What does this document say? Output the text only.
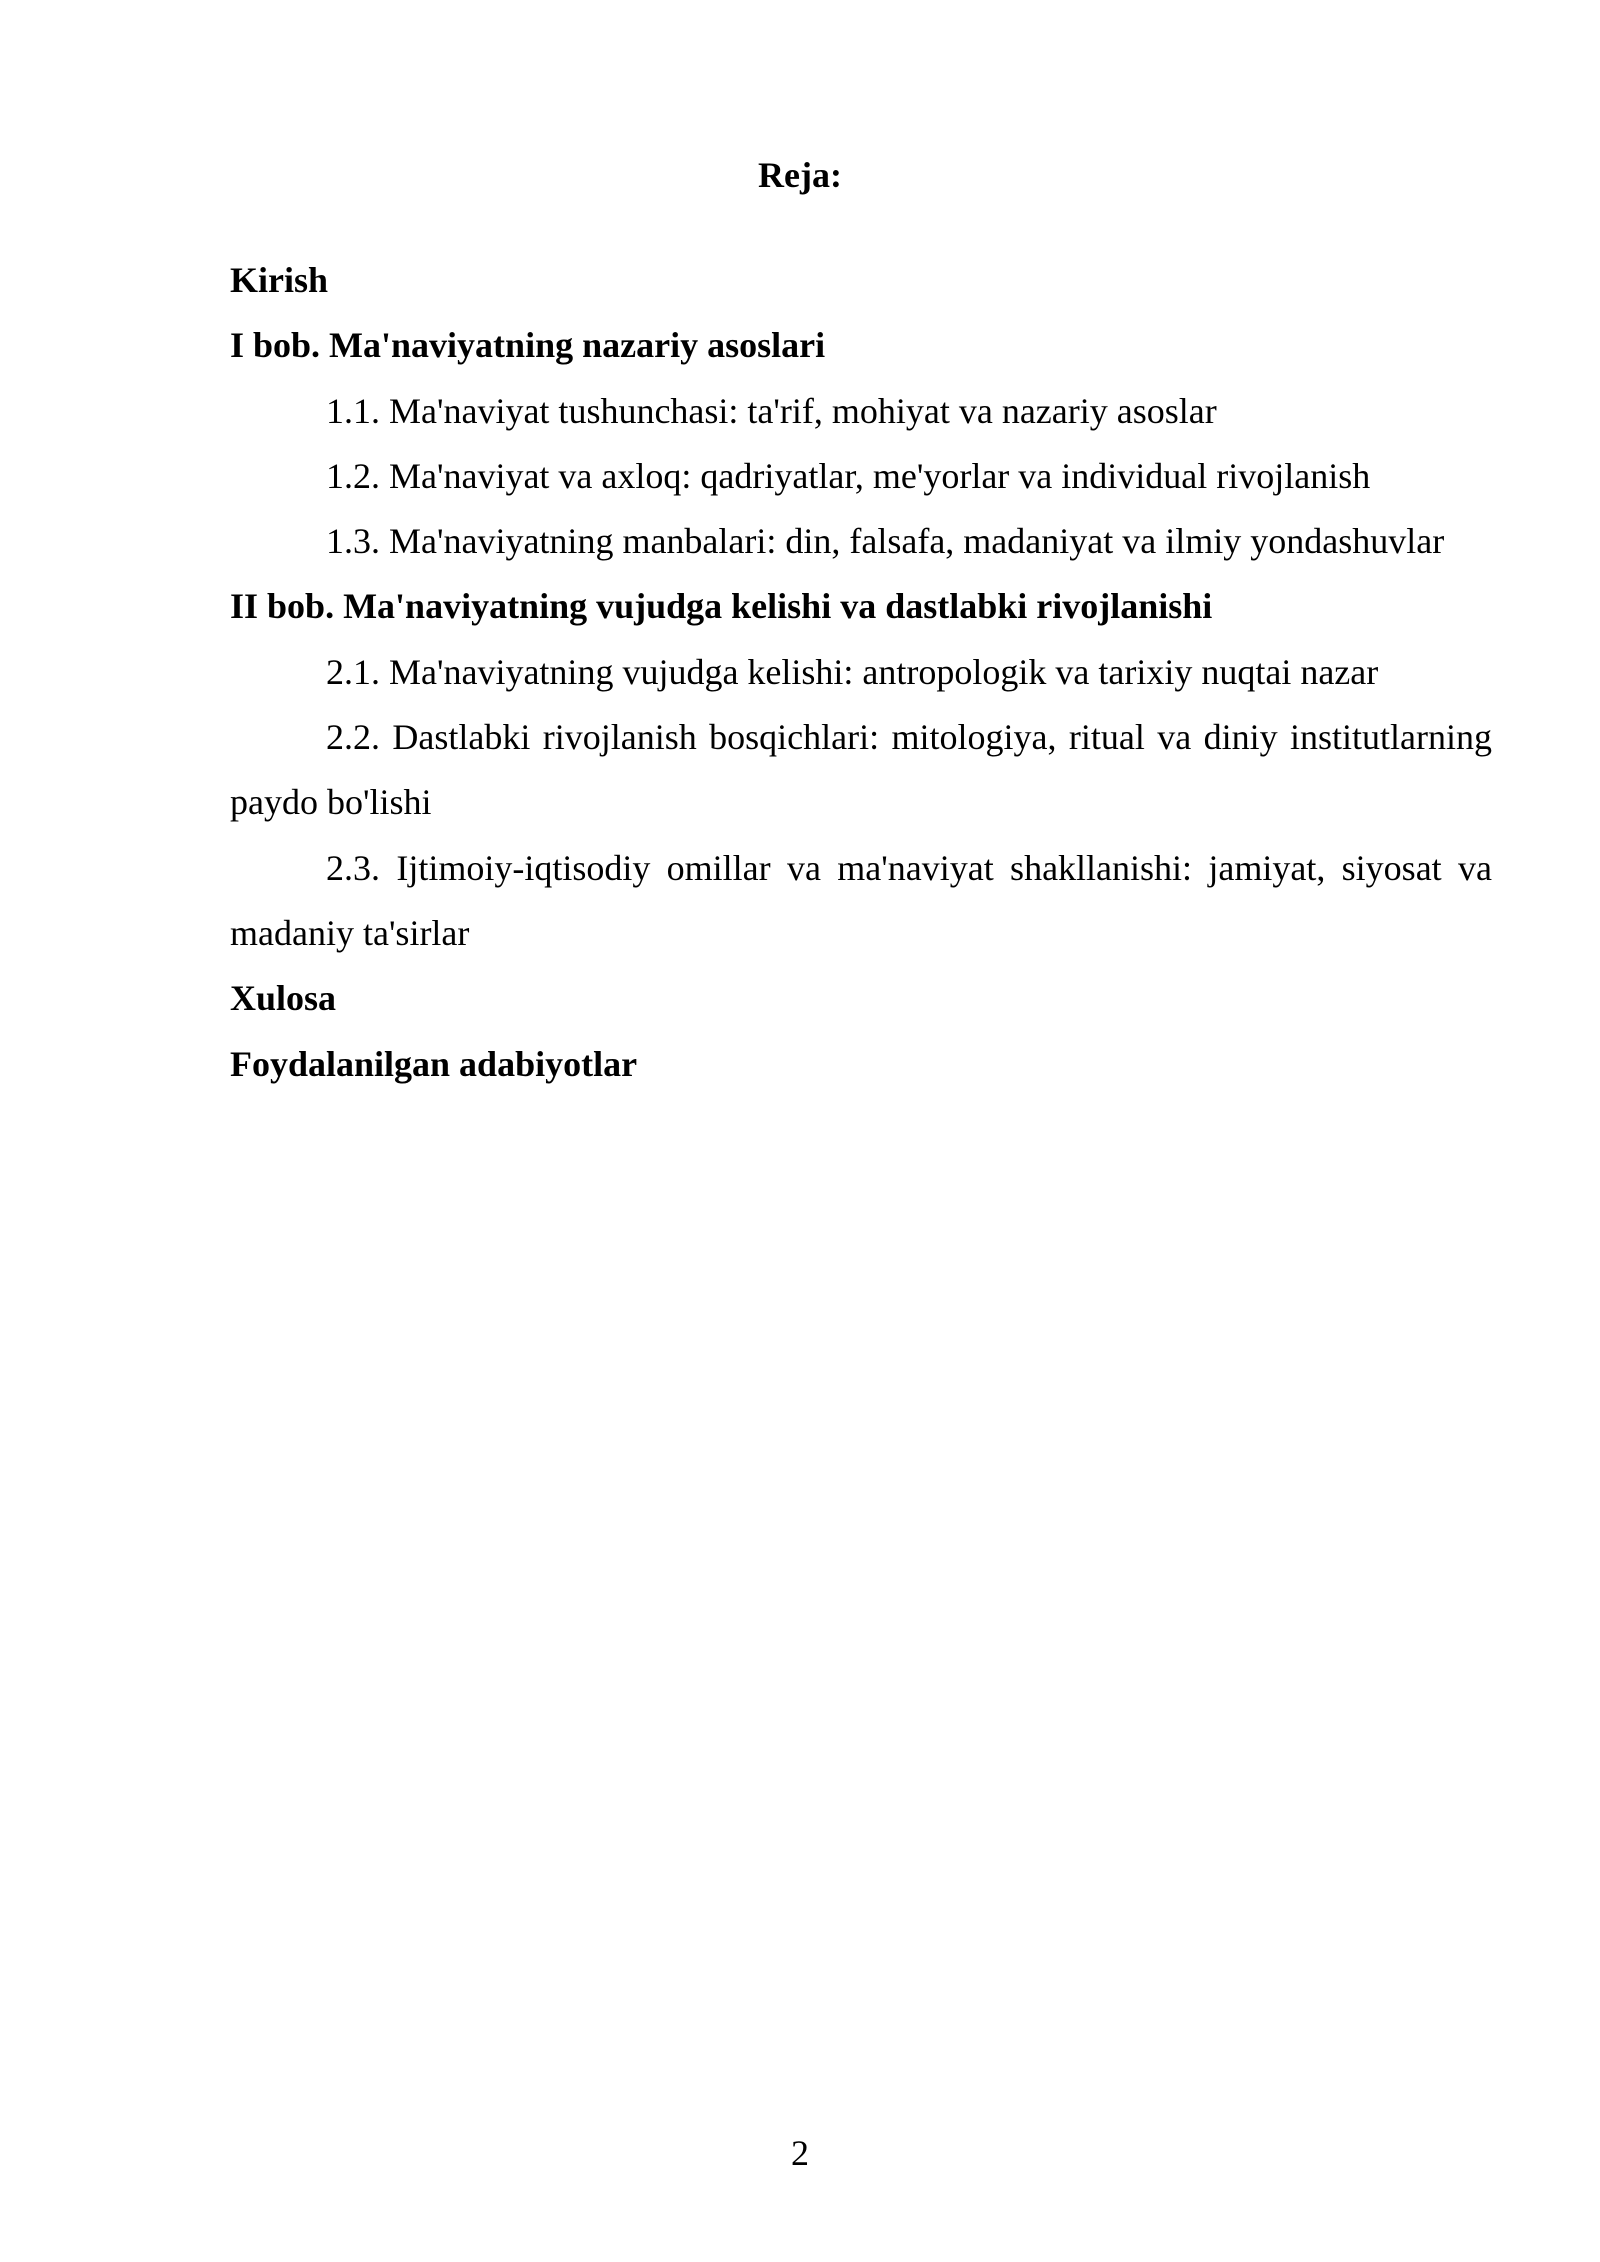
Reja:

Kirish

I bob. Ma'naviyatning nazariy asoslari

1.1. Ma'naviyat tushunchasi: ta'rif, mohiyat va nazariy asoslar

1.2. Ma'naviyat va axloq: qadriyatlar, me'yorlar va individual rivojlanish

1.3. Ma'naviyatning manbalari: din, falsafa, madaniyat va ilmiy yondashuvlar

II bob. Ma'naviyatning vujudga kelishi va dastlabki rivojlanishi

2.1. Ma'naviyatning vujudga kelishi: antropologik va tarixiy nuqtai nazar

2.2. Dastlabki rivojlanish bosqichlari: mitologiya, ritual va diniy institutlarning paydo bo'lishi

2.3. Ijtimoiy-iqtisodiy omillar va ma'naviyat shakllanishi: jamiyat, siyosat va madaniy ta'sirlar

Xulosa

Foydalanilgan adabiyotlar

2
